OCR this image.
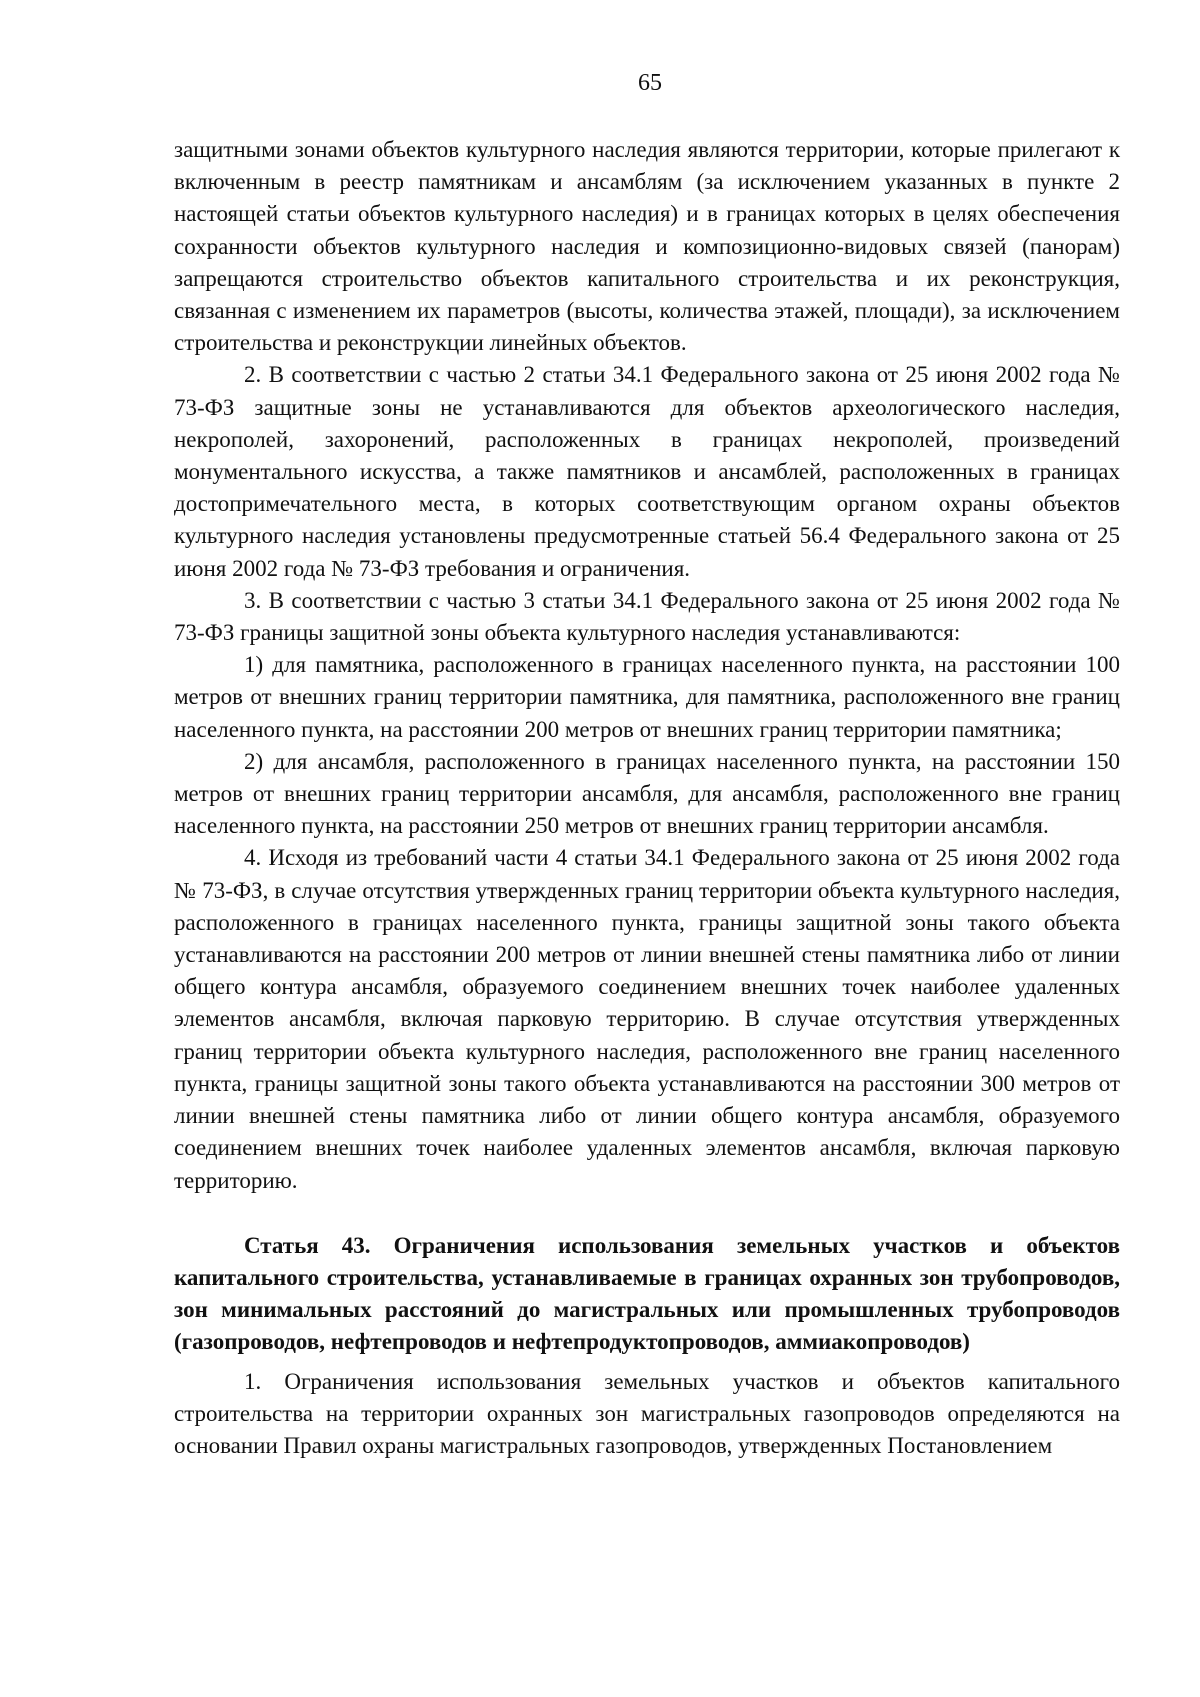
65

защитными зонами объектов культурного наследия являются территории, которые прилегают к включенным в реестр памятникам и ансамблям (за исключением указанных в пункте 2 настоящей статьи объектов культурного наследия) и в границах которых в целях обеспечения сохранности объектов культурного наследия и композиционно-видовых связей (панорам) запрещаются строительство объектов капитального строительства и их реконструкция, связанная с изменением их параметров (высоты, количества этажей, площади), за исключением строительства и реконструкции линейных объектов.

2. В соответствии с частью 2 статьи 34.1 Федерального закона от 25 июня 2002 года № 73-ФЗ защитные зоны не устанавливаются для объектов археологического наследия, некрополей, захоронений, расположенных в границах некрополей, произведений монументального искусства, а также памятников и ансамблей, расположенных в границах достопримечательного места, в которых соответствующим органом охраны объектов культурного наследия установлены предусмотренные статьей 56.4 Федерального закона от 25 июня 2002 года № 73-ФЗ требования и ограничения.

3. В соответствии с частью 3 статьи 34.1 Федерального закона от 25 июня 2002 года № 73-ФЗ границы защитной зоны объекта культурного наследия устанавливаются:

1) для памятника, расположенного в границах населенного пункта, на расстоянии 100 метров от внешних границ территории памятника, для памятника, расположенного вне границ населенного пункта, на расстоянии 200 метров от внешних границ территории памятника;

2) для ансамбля, расположенного в границах населенного пункта, на расстоянии 150 метров от внешних границ территории ансамбля, для ансамбля, расположенного вне границ населенного пункта, на расстоянии 250 метров от внешних границ территории ансамбля.

4. Исходя из требований части 4 статьи 34.1 Федерального закона от 25 июня 2002 года № 73-ФЗ, в случае отсутствия утвержденных границ территории объекта культурного наследия, расположенного в границах населенного пункта, границы защитной зоны такого объекта устанавливаются на расстоянии 200 метров от линии внешней стены памятника либо от линии общего контура ансамбля, образуемого соединением внешних точек наиболее удаленных элементов ансамбля, включая парковую территорию. В случае отсутствия утвержденных границ территории объекта культурного наследия, расположенного вне границ населенного пункта, границы защитной зоны такого объекта устанавливаются на расстоянии 300 метров от линии внешней стены памятника либо от линии общего контура ансамбля, образуемого соединением внешних точек наиболее удаленных элементов ансамбля, включая парковую территорию.

Статья 43. Ограничения использования земельных участков и объектов капитального строительства, устанавливаемые в границах охранных зон трубопроводов, зон минимальных расстояний до магистральных или промышленных трубопроводов (газопроводов, нефтепроводов и нефтепродуктопроводов, аммиакопроводов)

1. Ограничения использования земельных участков и объектов капитального строительства на территории охранных зон магистральных газопроводов определяются на основании Правил охраны магистральных газопроводов, утвержденных Постановлением
